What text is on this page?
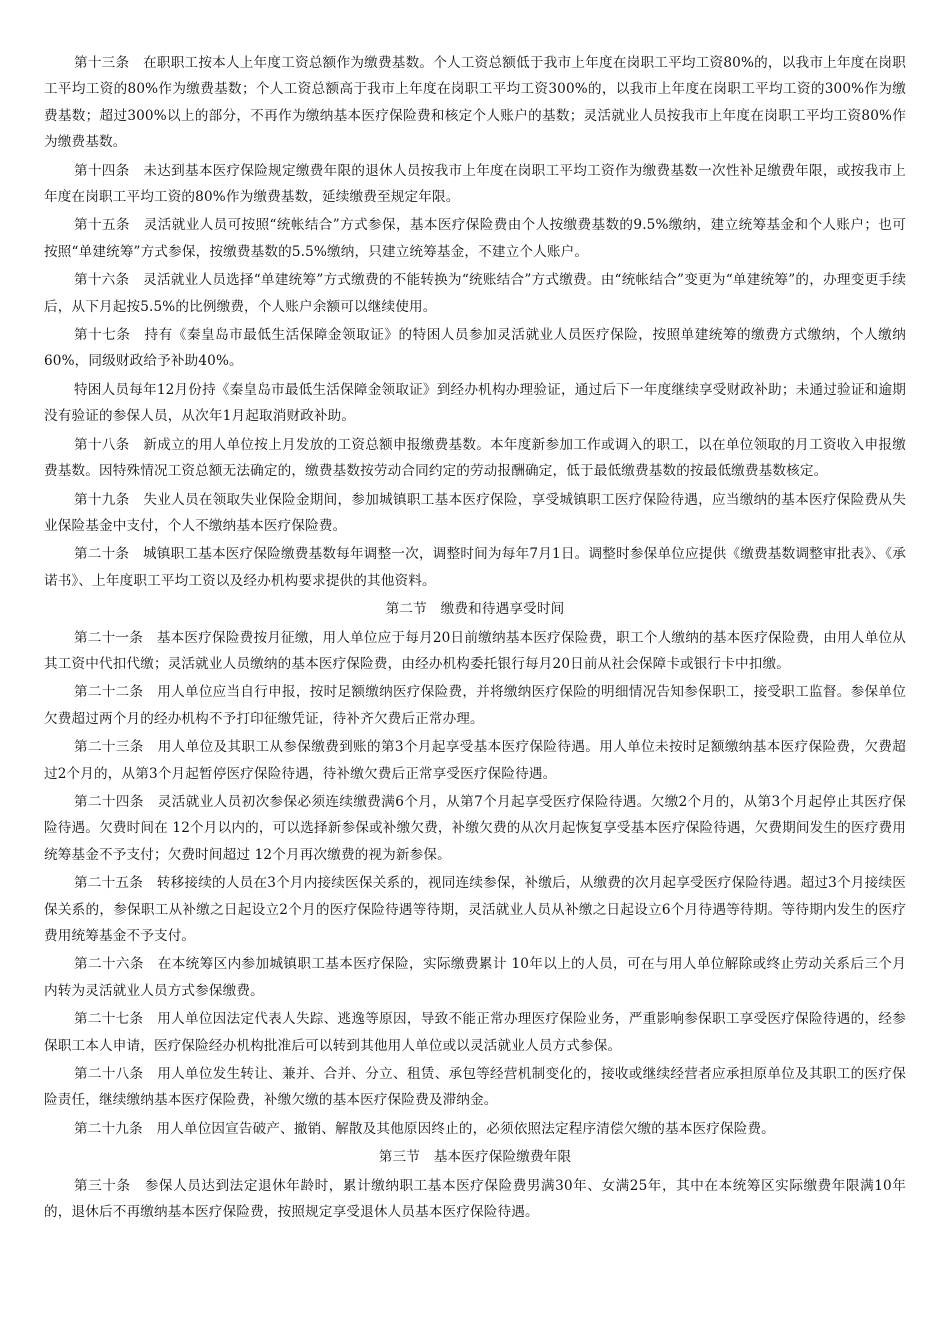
第十三条　在职职工按本人上年度工资总额作为缴费基数。个人工资总额低于我市上年度在岗职工平均工资80%的，以我市上年度在岗职工平均工资的80%作为缴费基数；个人工资总额高于我市上年度在岗职工平均工资300%的，以我市上年度在岗职工平均工资的300%作为缴费基数；超过300%以上的部分，不再作为缴纳基本医疗保险费和核定个人账户的基数；灵活就业人员按我市上年度在岗职工平均工资80%作为缴费基数。

第十四条　未达到基本医疗保险规定缴费年限的退休人员按我市上年度在岗职工平均工资作为缴费基数一次性补足缴费年限，或按我市上年度在岗职工平均工资的80%作为缴费基数，延续缴费至规定年限。

第十五条　灵活就业人员可按照“统帐结合”方式参保，基本医疗保险费由个人按缴费基数的9.5%缴纳，建立统筹基金和个人账户；也可按照“单建统筹”方式参保，按缴费基数的5.5%缴纳，只建立统筹基金，不建立个人账户。

第十六条　灵活就业人员选择“单建统筹”方式缴费的不能转换为“统账结合”方式缴费。由“统帐结合”变更为“单建统筹”的，办理变更手续后，从下月起按5.5%的比例缴费，个人账户余额可以继续使用。

第十七条　持有《秦皇岛市最低生活保障金领取证》的特困人员参加灵活就业人员医疗保险，按照单建统筹的缴费方式缴纳，个人缴纳60%，同级财政给予补助40%。

特困人员每年12月份持《秦皇岛市最低生活保障金领取证》到经办机构办理验证，通过后下一年度继续享受财政补助；未通过验证和逾期没有验证的参保人员，从次年1月起取消财政补助。

第十八条　新成立的用人单位按上月发放的工资总额申报缴费基数。本年度新参加工作或调入的职工，以在单位领取的月工资收入申报缴费基数。因特殊情况工资总额无法确定的，缴费基数按劳动合同约定的劳动报酬确定，低于最低缴费基数的按最低缴费基数核定。

第十九条　失业人员在领取失业保险金期间，参加城镇职工基本医疗保险，享受城镇职工医疗保险待遇，应当缴纳的基本医疗保险费从失业保险基金中支付，个人不缴纳基本医疗保险费。

第二十条　城镇职工基本医疗保险缴费基数每年调整一次，调整时间为每年7月1日。调整时参保单位应提供《缴费基数调整审批表》、《承诺书》、上年度职工平均工资以及经办机构要求提供的其他资料。

第二节　缴费和待遇享受时间

第二十一条　基本医疗保险费按月征缴，用人单位应于每月20日前缴纳基本医疗保险费，职工个人缴纳的基本医疗保险费，由用人单位从其工资中代扣代缴；灵活就业人员缴纳的基本医疗保险费，由经办机构委托银行每月20日前从社会保障卡或银行卡中扣缴。

第二十二条　用人单位应当自行申报，按时足额缴纳医疗保险费，并将缴纳医疗保险的明细情况告知参保职工，接受职工监督。参保单位欠费超过两个月的经办机构不予打印征缴凭证，待补齐欠费后正常办理。

第二十三条　用人单位及其职工从参保缴费到账的第3个月起享受基本医疗保险待遇。用人单位未按时足额缴纳基本医疗保险费，欠费超过2个月的，从第3个月起暂停医疗保险待遇，待补缴欠费后正常享受医疗保险待遇。

第二十四条　灵活就业人员初次参保必须连续缴费满6个月，从第7个月起享受医疗保险待遇。欠缴2个月的，从第3个月起停止其医疗保险待遇。欠费时间在 12个月以内的，可以选择新参保或补缴欠费，补缴欠费的从次月起恢复享受基本医疗保险待遇，欠费期间发生的医疗费用统筹基金不予支付；欠费时间超过 12个月再次缴费的视为新参保。

第二十五条　转移接续的人员在3个月内接续医保关系的，视同连续参保，补缴后，从缴费的次月起享受医疗保险待遇。超过3个月接续医保关系的，参保职工从补缴之日起设立2个月的医疗保险待遇等待期，灵活就业人员从补缴之日起设立6个月待遇等待期。等待期内发生的医疗费用统筹基金不予支付。

第二十六条　在本统筹区内参加城镇职工基本医疗保险，实际缴费累计 10年以上的人员，可在与用人单位解除或终止劳动关系后三个月内转为灵活就业人员方式参保缴费。

第二十七条　用人单位因法定代表人失踪、逃逸等原因，导致不能正常办理医疗保险业务，严重影响参保职工享受医疗保险待遇的，经参保职工本人申请，医疗保险经办机构批准后可以转到其他用人单位或以灵活就业人员方式参保。

第二十八条　用人单位发生转让、兼并、合并、分立、租赁、承包等经营机制变化的，接收或继续经营者应承担原单位及其职工的医疗保险责任，继续缴纳基本医疗保险费，补缴欠缴的基本医疗保险费及滞纳金。

第二十九条　用人单位因宣告破产、撤销、解散及其他原因终止的，必须依照法定程序清偿欠缴的基本医疗保险费。

第三节　基本医疗保险缴费年限

第三十条　参保人员达到法定退休年龄时，累计缴纳职工基本医疗保险费男满30年、女满25年，其中在本统筹区实际缴费年限满10年的，退休后不再缴纳基本医疗保险费，按照规定享受退休人员基本医疗保险待遇。
